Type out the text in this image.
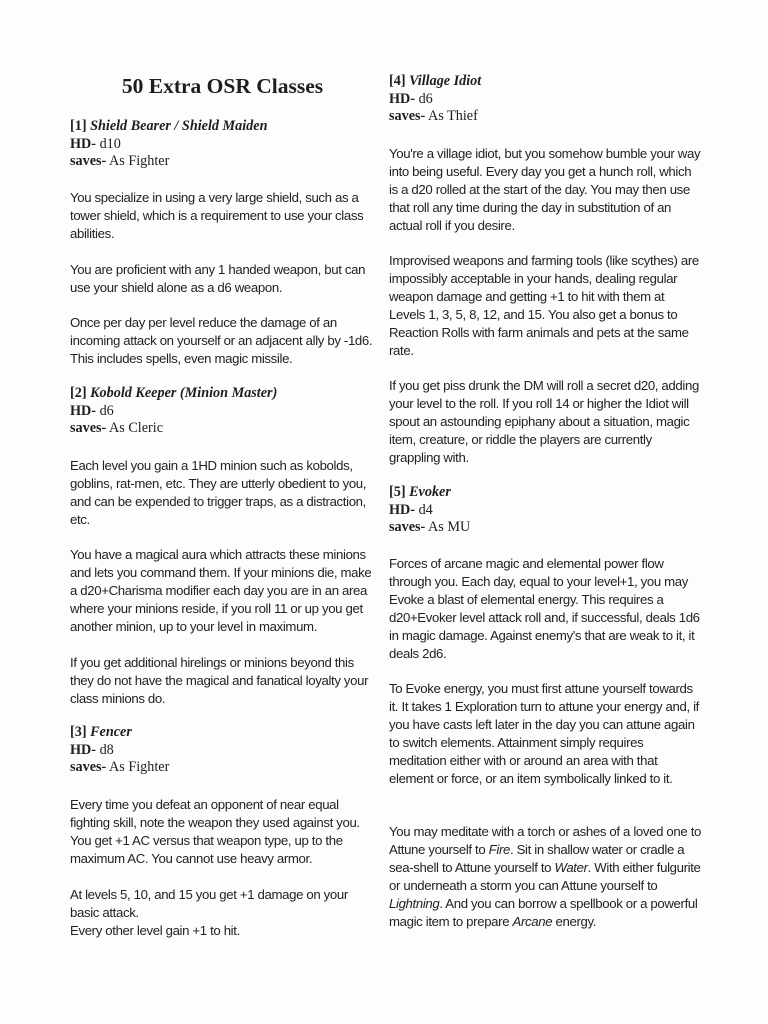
50 Extra OSR Classes
[1] Shield Bearer / Shield Maiden
HD- d10
saves- As Fighter

You specialize in using a very large shield, such as a tower shield, which is a requirement to use your class abilities.

You are proficient with any 1 handed weapon, but can use your shield alone as a d6 weapon.

Once per day per level reduce the damage of an incoming attack on yourself or an adjacent ally by -1d6. This includes spells, even magic missile.

[2] Kobold Keeper (Minion Master)
HD- d6
saves- As Cleric

Each level you gain a 1HD minion such as kobolds, goblins, rat-men, etc. They are utterly obedient to you, and can be expended to trigger traps, as a distraction, etc.

You have a magical aura which attracts these minions and lets you command them. If your minions die, make a d20+Charisma modifier each day you are in an area where your minions reside, if you roll 11 or up you get another minion, up to your level in maximum.

If you get additional hirelings or minions beyond this they do not have the magical and fanatical loyalty your class minions do.

[3] Fencer
HD- d8
saves- As Fighter

Every time you defeat an opponent of near equal fighting skill, note the weapon they used against you. You get +1 AC versus that weapon type, up to the maximum AC. You cannot use heavy armor.

At levels 5, 10, and 15 you get +1 damage on your basic attack.

Every other level gain +1 to hit.

[4] Village Idiot
HD- d6
saves- As Thief

You're a village idiot, but you somehow bumble your way into being useful. Every day you get a hunch roll, which is a d20 rolled at the start of the day. You may then use that roll any time during the day in substitution of an actual roll if you desire.

Improvised weapons and farming tools (like scythes) are impossibly acceptable in your hands, dealing regular weapon damage and getting +1 to hit with them at Levels 1, 3, 5, 8, 12, and 15. You also get a bonus to Reaction Rolls with farm animals and pets at the same rate.

If you get piss drunk the DM will roll a secret d20, adding your level to the roll. If you roll 14 or higher the Idiot will spout an astounding epiphany about a situation, magic item, creature, or riddle the players are currently grappling with.

[5] Evoker
HD- d4
saves- As MU

Forces of arcane magic and elemental power flow through you. Each day, equal to your level+1, you may Evoke a blast of elemental energy. This requires a d20+Evoker level attack roll and, if successful, deals 1d6 in magic damage. Against enemy's that are weak to it, it deals 2d6.

To Evoke energy, you must first attune yourself towards it. It takes 1 Exploration turn to attune your energy and, if you have casts left later in the day you can attune again to switch elements. Attainment simply requires meditation either with or around an area with that element or force, or an item symbolically linked to it.

You may meditate with a torch or ashes of a loved one to Attune yourself to Fire. Sit in shallow water or cradle a sea-shell to Attune yourself to Water. With either fulgurite or underneath a storm you can Attune yourself to Lightning. And you can borrow a spellbook or a powerful magic item to prepare Arcane energy.
